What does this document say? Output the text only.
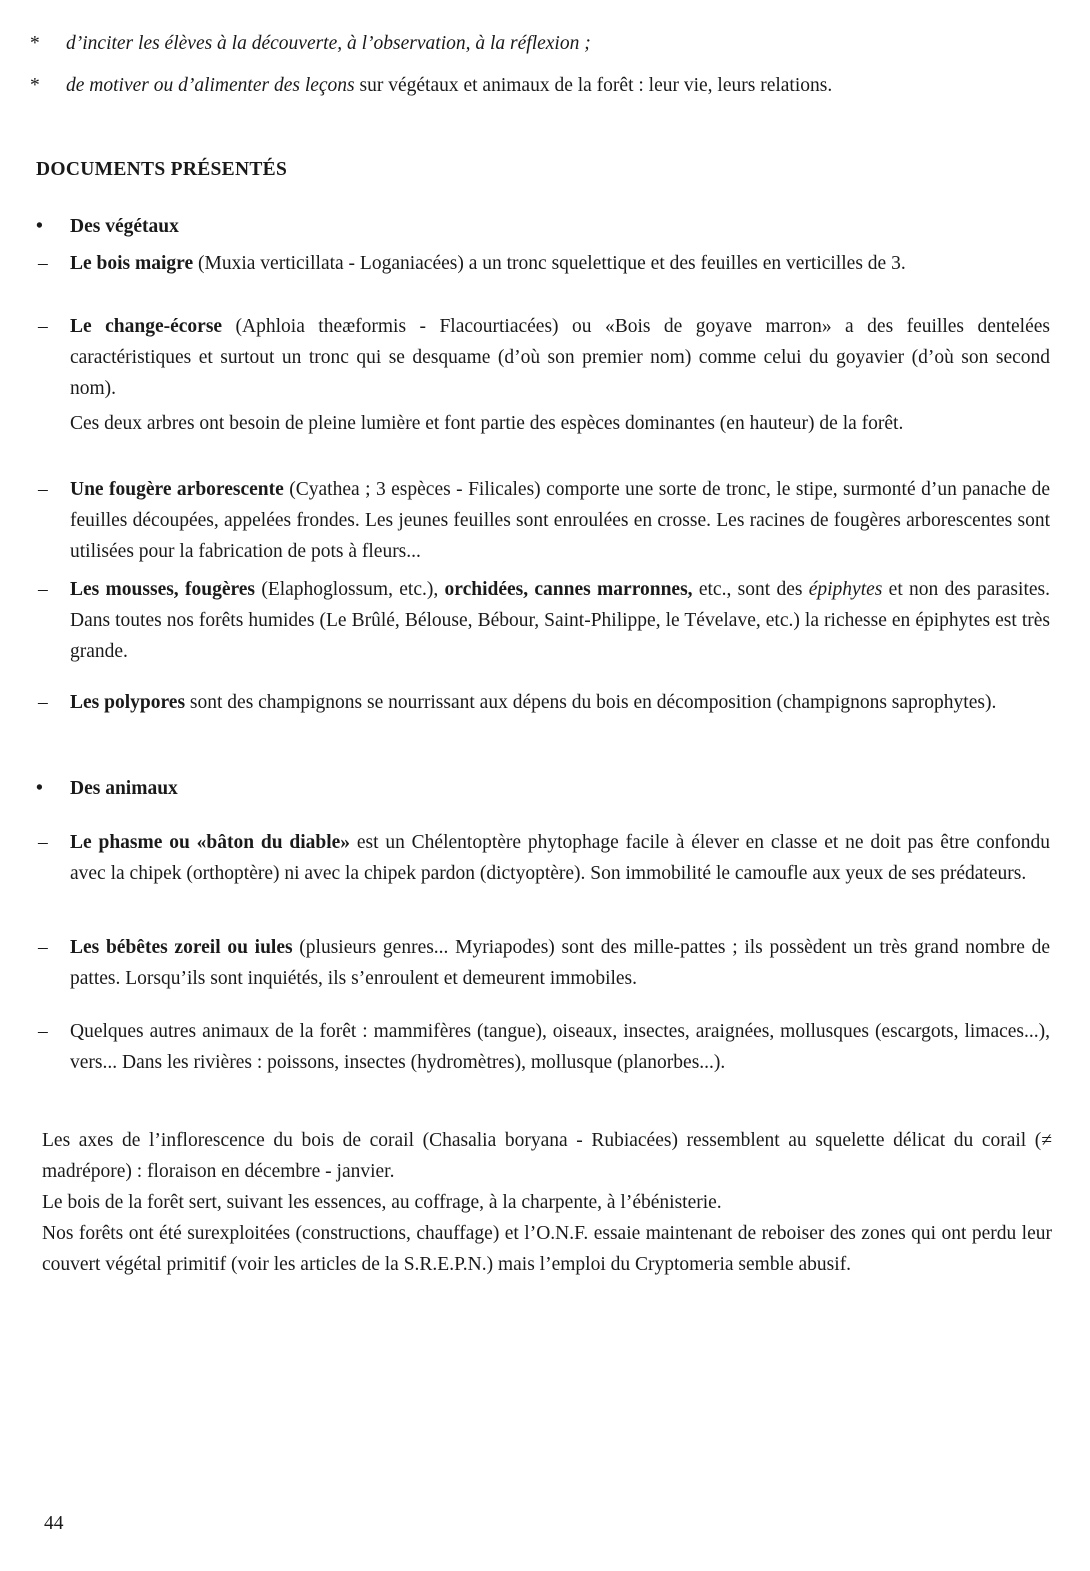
* d’inciter les élèves à la découverte, à l’observation, à la réflexion ;
* de motiver ou d’alimenter des leçons sur végétaux et animaux de la forêt : leur vie, leurs relations.
DOCUMENTS PRÉSENTÉS
• Des végétaux
–	Le bois maigre (Muxia verticillata - Loganiacées) a un tronc squelettique et des feuilles en verticilles de 3.
–	Le change-écorse (Aphloia theæformis - Flacourtiacées) ou «Bois de goyave marron» a des feuilles dentelées caractéristiques et surtout un tronc qui se desquame (d’où son premier nom) comme celui du goyavier (d’où son second nom).
Ces deux arbres ont besoin de pleine lumière et font partie des espèces dominantes (en hauteur) de la forêt.
–	Une fougère arborescente (Cyathea ; 3 espèces - Filicales) comporte une sorte de tronc, le stipe, surmonté d’un panache de feuilles découpées, appelées frondes. Les jeunes feuilles sont enroulées en crosse. Les racines de fougères arborescentes sont utilisées pour la fabrication de pots à fleurs...
–	Les mousses, fougères (Elaphoglossum, etc.), orchidées, cannes marronnes, etc., sont des épiphytes et non des parasites. Dans toutes nos forêts humides (Le Brûlé, Bélouse, Bébour, Saint-Philippe, le Tévelave, etc.) la richesse en épiphytes est très grande.
–	Les polypores sont des champignons se nourrissant aux dépens du bois en décomposition (champignons saprophytes).
• Des animaux
–	Le phasme ou «bâton du diable» est un Chélentoptère phytophage facile à élever en classe et ne doit pas être confondu avec la chipek (orthoptère) ni avec la chipek pardon (dictyoptère). Son immobilité le camoufle aux yeux de ses prédateurs.
–	Les bébêtes zoreil ou iules (plusieurs genres... Myriapodes) sont des mille-pattes ; ils possèdent un très grand nombre de pattes. Lorsqu’ils sont inquiétés, ils s’enroulent et demeurent immobiles.
–	Quelques autres animaux de la forêt : mammifères (tangue), oiseaux, insectes, araignées, mollusques (escargots, limaces...), vers... Dans les rivières : poissons, insectes (hydromètres), mollusque (planorbes...).

Les axes de l’inflorescence du bois de corail (Chasalia boryana - Rubiacées) ressemblent au squelette délicat du corail (≠ madrépore) : floraison en décembre - janvier.

Le bois de la forêt sert, suivant les essences, au coffrage, à la charpente, à l’ébénisterie.

Nos forêts ont été surexploitées (constructions, chauffage) et l’O.N.F. essaie maintenant de reboiser des zones qui ont perdu leur couvert végétal primitif (voir les articles de la S.R.E.P.N.) mais l’emploi du Cryptomeria semble abusif.

44
